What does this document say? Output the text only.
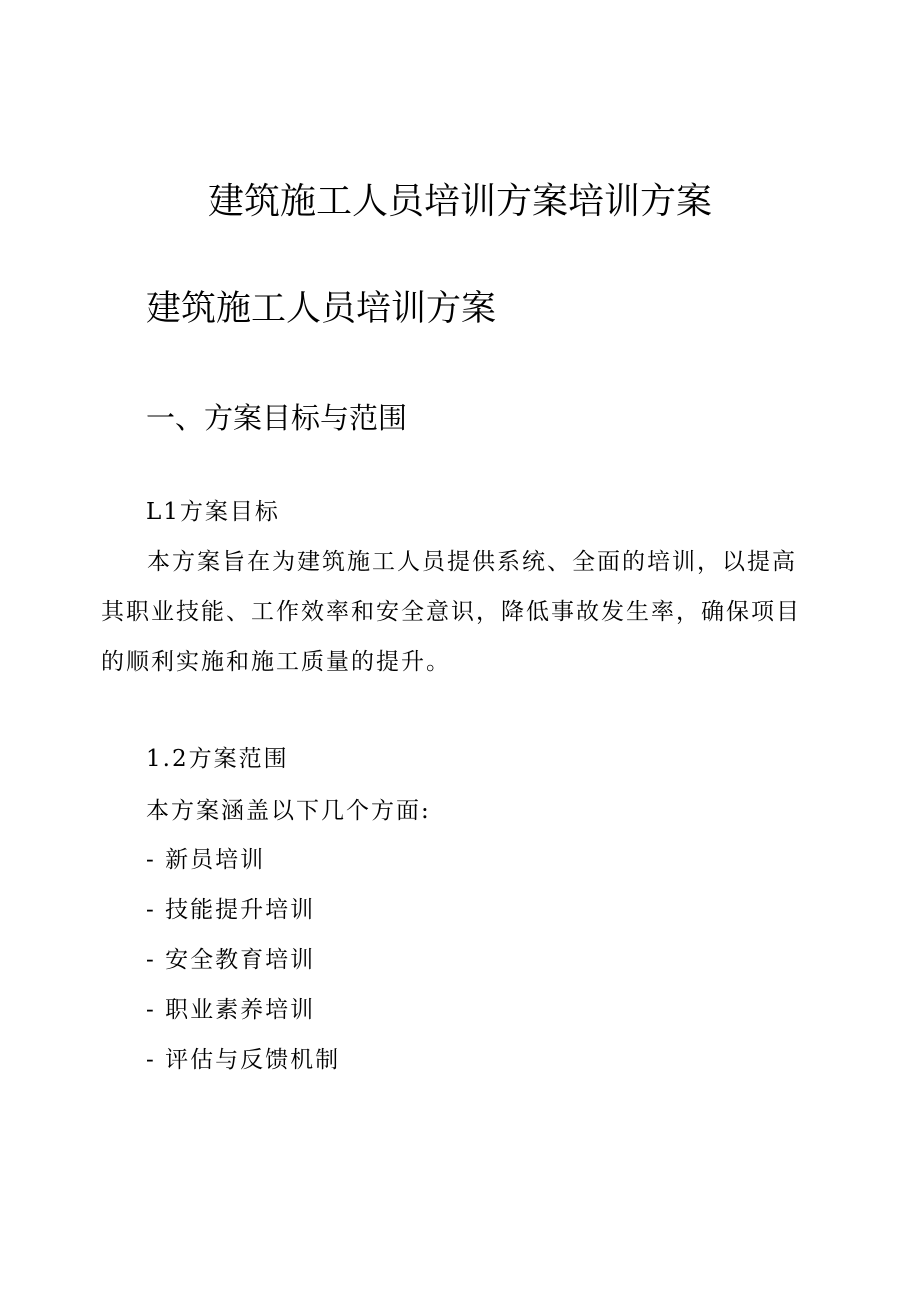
建筑施工人员培训方案培训方案
建筑施工人员培训方案
一、方案目标与范围

L1方案目标

本方案旨在为建筑施工人员提供系统、全面的培训，以提高其职业技能、工作效率和安全意识，降低事故发生率，确保项目的顺利实施和施工质量的提升。

1.2方案范围

本方案涵盖以下几个方面:

- 新员培训
- 技能提升培训
- 安全教育培训
- 职业素养培训
- 评估与反馈机制
